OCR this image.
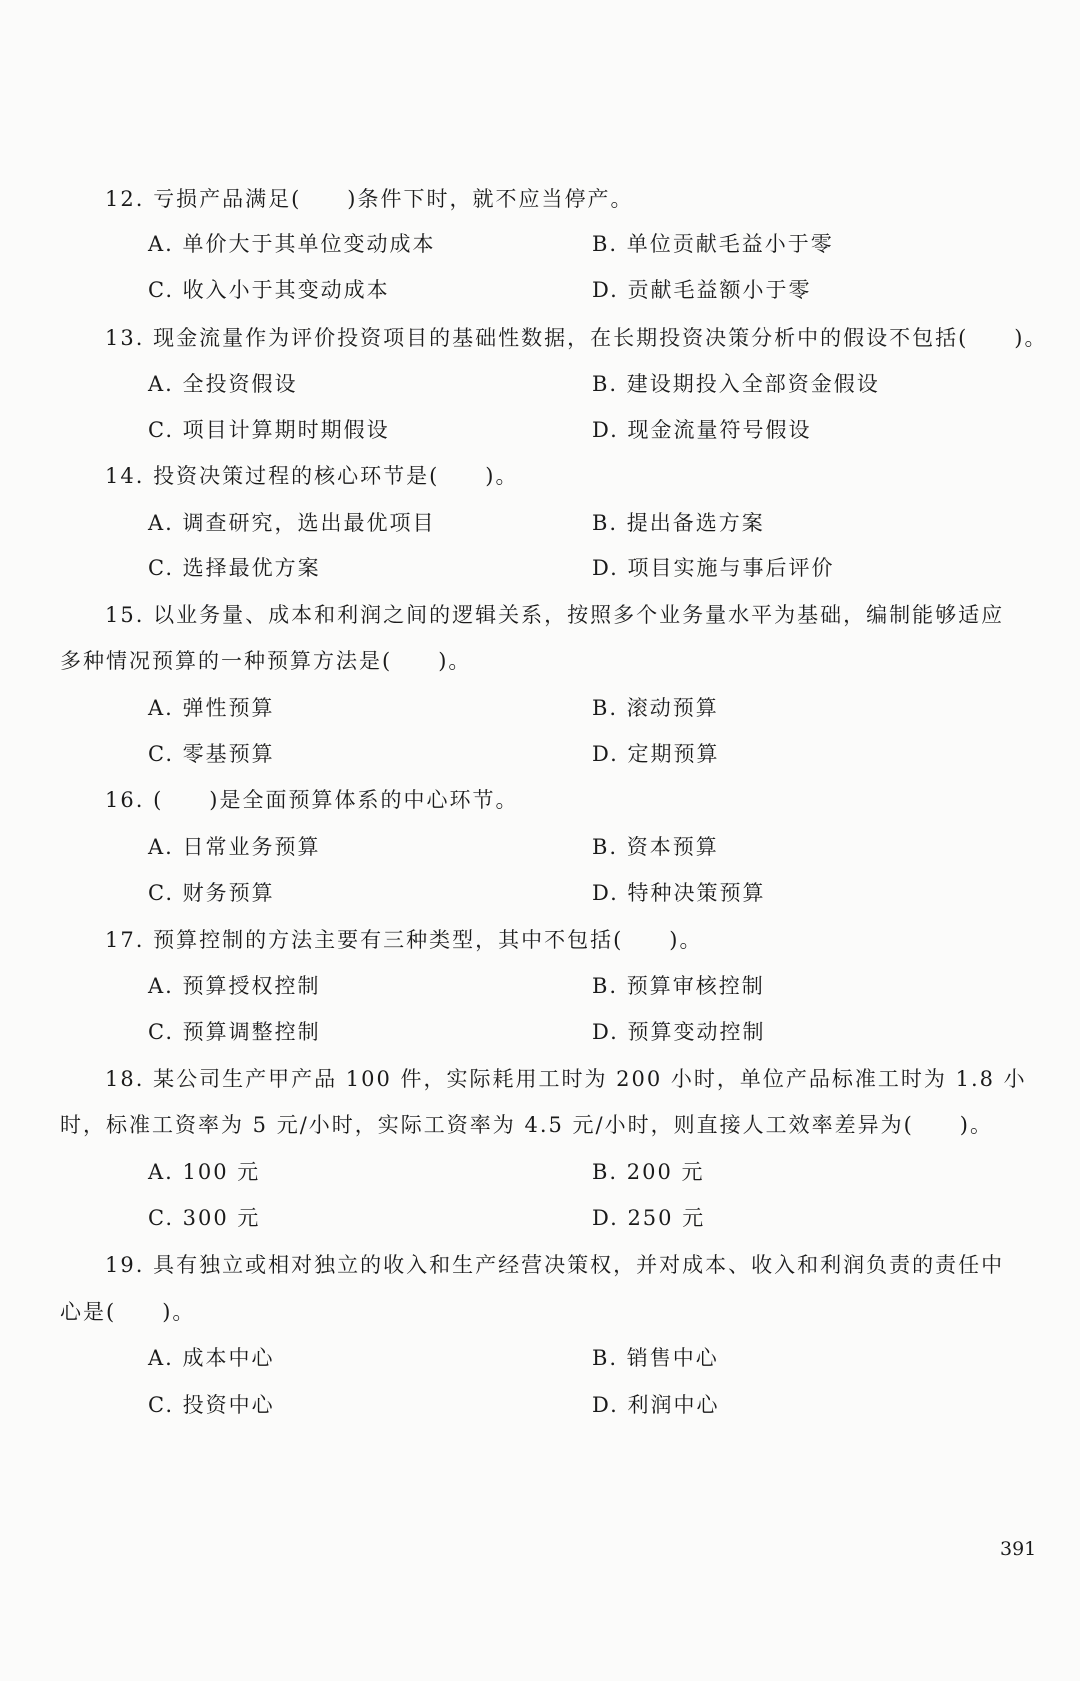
12. 亏损产品满足(　　)条件下时，就不应当停产。
A. 单价大于其单位变动成本	B. 单位贡献毛益小于零
C. 收入小于其变动成本	D. 贡献毛益额小于零
13. 现金流量作为评价投资项目的基础性数据，在长期投资决策分析中的假设不包括(　　)。
A. 全投资假设	B. 建设期投入全部资金假设
C. 项目计算期时期假设	D. 现金流量符号假设
14. 投资决策过程的核心环节是(　　)。
A. 调查研究，选出最优项目	B. 提出备选方案
C. 选择最优方案	D. 项目实施与事后评价
15. 以业务量、成本和利润之间的逻辑关系，按照多个业务量水平为基础，编制能够适应
多种情况预算的一种预算方法是(　　)。
A. 弹性预算	B. 滚动预算
C. 零基预算	D. 定期预算
16. (　　)是全面预算体系的中心环节。
A. 日常业务预算	B. 资本预算
C. 财务预算	D. 特种决策预算
17. 预算控制的方法主要有三种类型，其中不包括(　　)。
A. 预算授权控制	B. 预算审核控制
C. 预算调整控制	D. 预算变动控制
18. 某公司生产甲产品 100 件，实际耗用工时为 200 小时，单位产品标准工时为 1.8 小
时，标准工资率为 5 元/小时，实际工资率为 4.5 元/小时，则直接人工效率差异为(　　)。
A. 100 元	B. 200 元
C. 300 元	D. 250 元
19. 具有独立或相对独立的收入和生产经营决策权，并对成本、收入和利润负责的责任中
心是(　　)。
A. 成本中心	B. 销售中心
C. 投资中心	D. 利润中心
391
